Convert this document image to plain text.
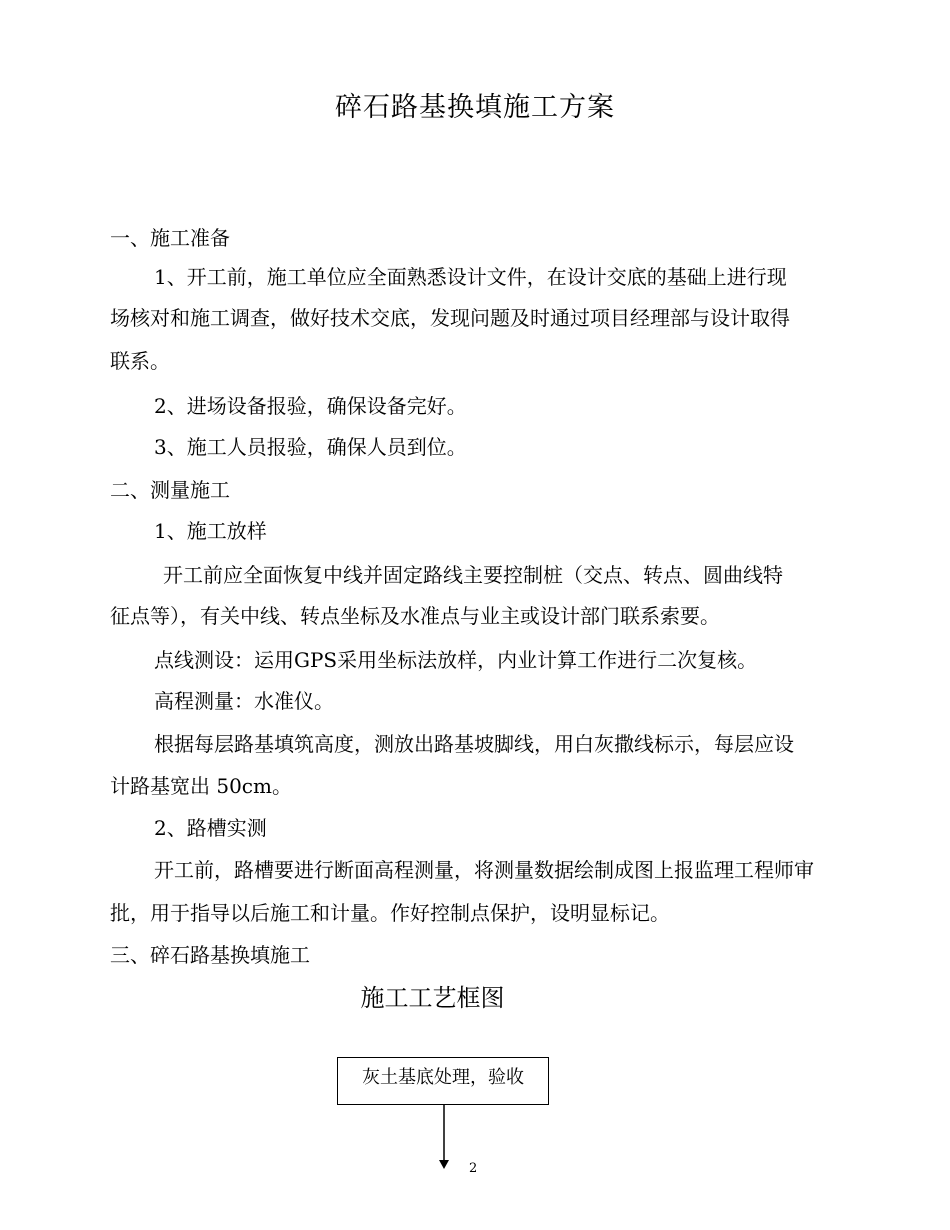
碎石路基换填施工方案
一、施工准备
1、开工前，施工单位应全面熟悉设计文件，在设计交底的基础上进行现
场核对和施工调查，做好技术交底，发现问题及时通过项目经理部与设计取得
联系。
2、进场设备报验，确保设备完好。
3、施工人员报验，确保人员到位。
二、测量施工
1、施工放样
开工前应全面恢复中线并固定路线主要控制桩（交点、转点、圆曲线特
征点等），有关中线、转点坐标及水准点与业主或设计部门联系索要。
点线测设：运用GPS采用坐标法放样，内业计算工作进行二次复核。
高程测量：水准仪。
根据每层路基填筑高度，测放出路基坡脚线，用白灰撒线标示，每层应设
计路基宽出 50cm。
2、路槽实测
开工前，路槽要进行断面高程测量，将测量数据绘制成图上报监理工程师审
批，用于指导以后施工和计量。作好控制点保护，设明显标记。
三、碎石路基换填施工
施工工艺框图
灰土基底处理，验收
2
